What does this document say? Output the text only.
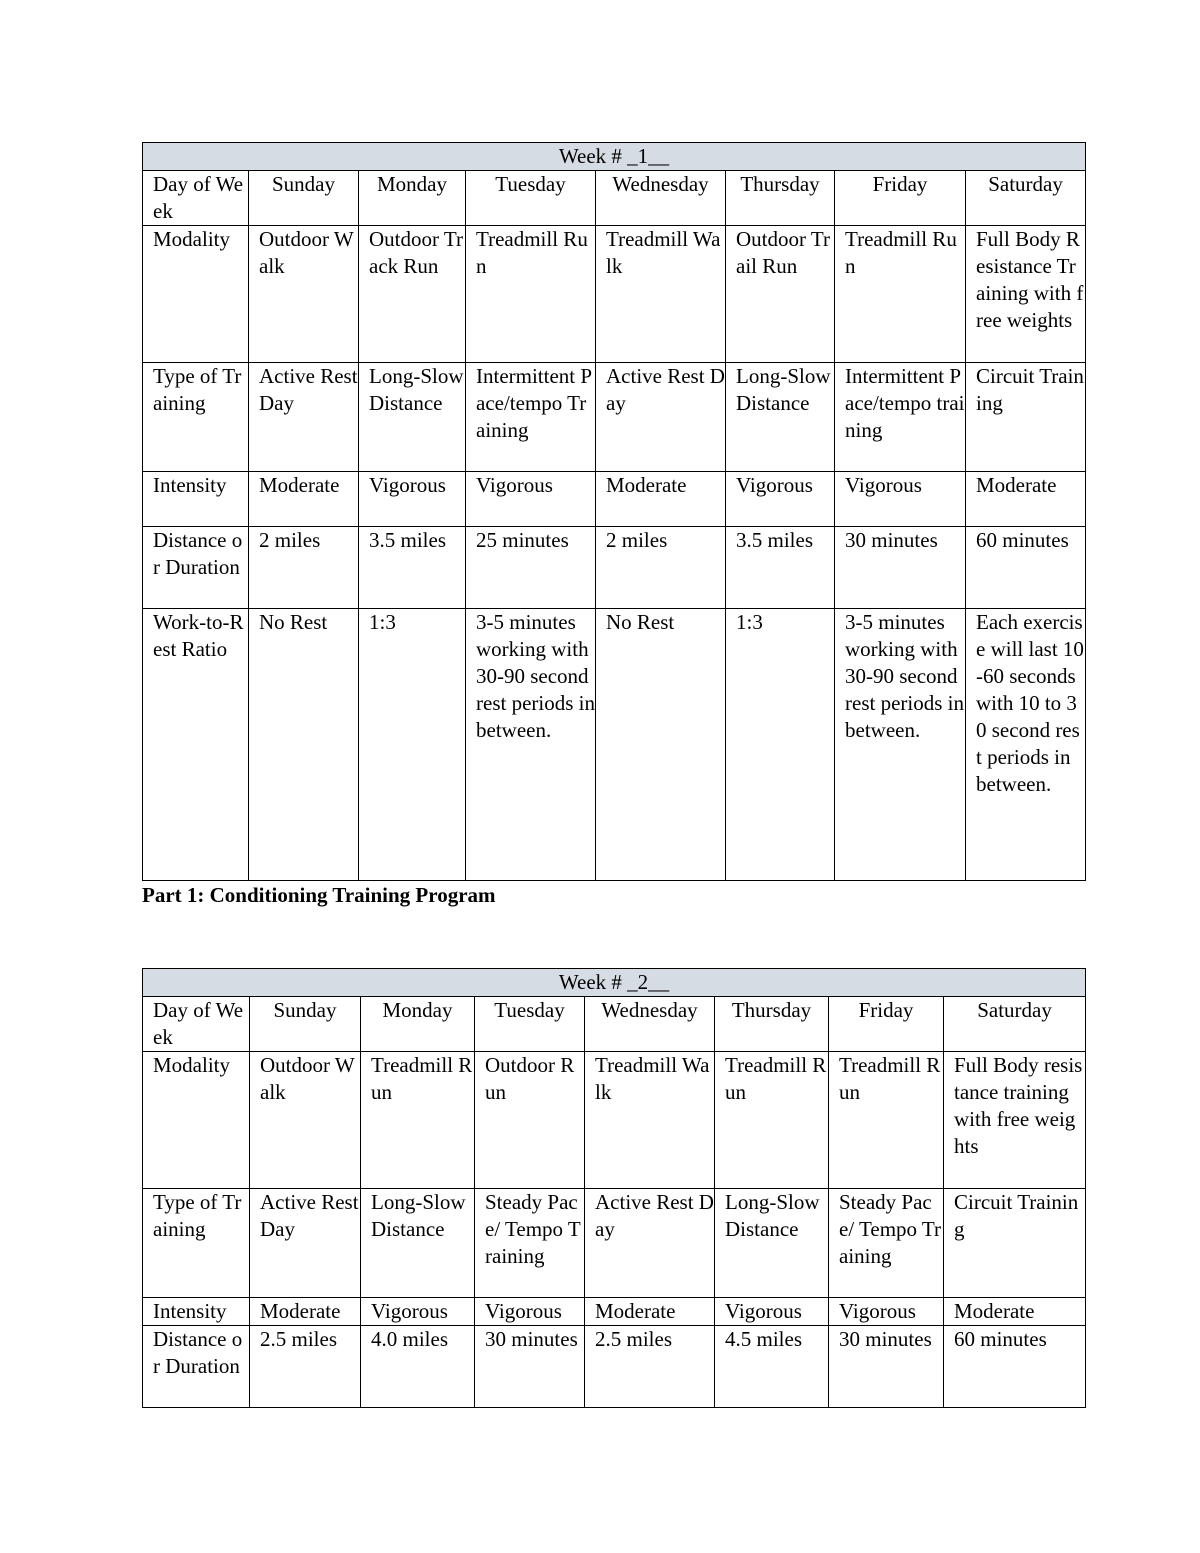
Week # _1__							
Day of Week	Sunday	Monday	Tuesday	Wednesday	Thursday	Friday	Saturday
Modality	Outdoor Walk	Outdoor Track Run	Treadmill Run	Treadmill Walk	Outdoor Trail Run	Treadmill Run	Full Body Resistance Training with free weights
Type of Training	Active Rest Day	Long-Slow Distance	Intermittent Pace/tempo Training	Active Rest Day	Long-Slow Distance	Intermittent Pace/tempo training	Circuit Training
Intensity	Moderate	Vigorous	Vigorous	Moderate	Vigorous	Vigorous	Moderate
Distance or Duration	2 miles	3.5 miles	25 minutes	2 miles	3.5 miles	30 minutes	60 minutes
Work-to-Rest Ratio	No Rest	1:3	3-5 minutes working with 30-90 second rest periods in between.	No Rest	1:3	3-5 minutes working with 30-90 second rest periods in between.	Each exercise will last 10-60 seconds with 10 to 30 second rest periods in between.

Part 1: Conditioning Training Program

Week # _2__							
Day of Week	Sunday	Monday	Tuesday	Wednesday	Thursday	Friday	Saturday
Modality	Outdoor Walk	Treadmill Run	Outdoor Run	Treadmill Walk	Treadmill Run	Treadmill Run	Full Body resistance training with free weights
Type of Training	Active Rest Day	Long-Slow Distance	Steady Pace/ Tempo Training	Active Rest Day	Long-Slow Distance	Steady Pace/ Tempo Training	Circuit Training
Intensity	Moderate	Vigorous	Vigorous	Moderate	Vigorous	Vigorous	Moderate
Distance or Duration	2.5 miles	4.0 miles	30 minutes	2.5 miles	4.5 miles	30 minutes	60 minutes
